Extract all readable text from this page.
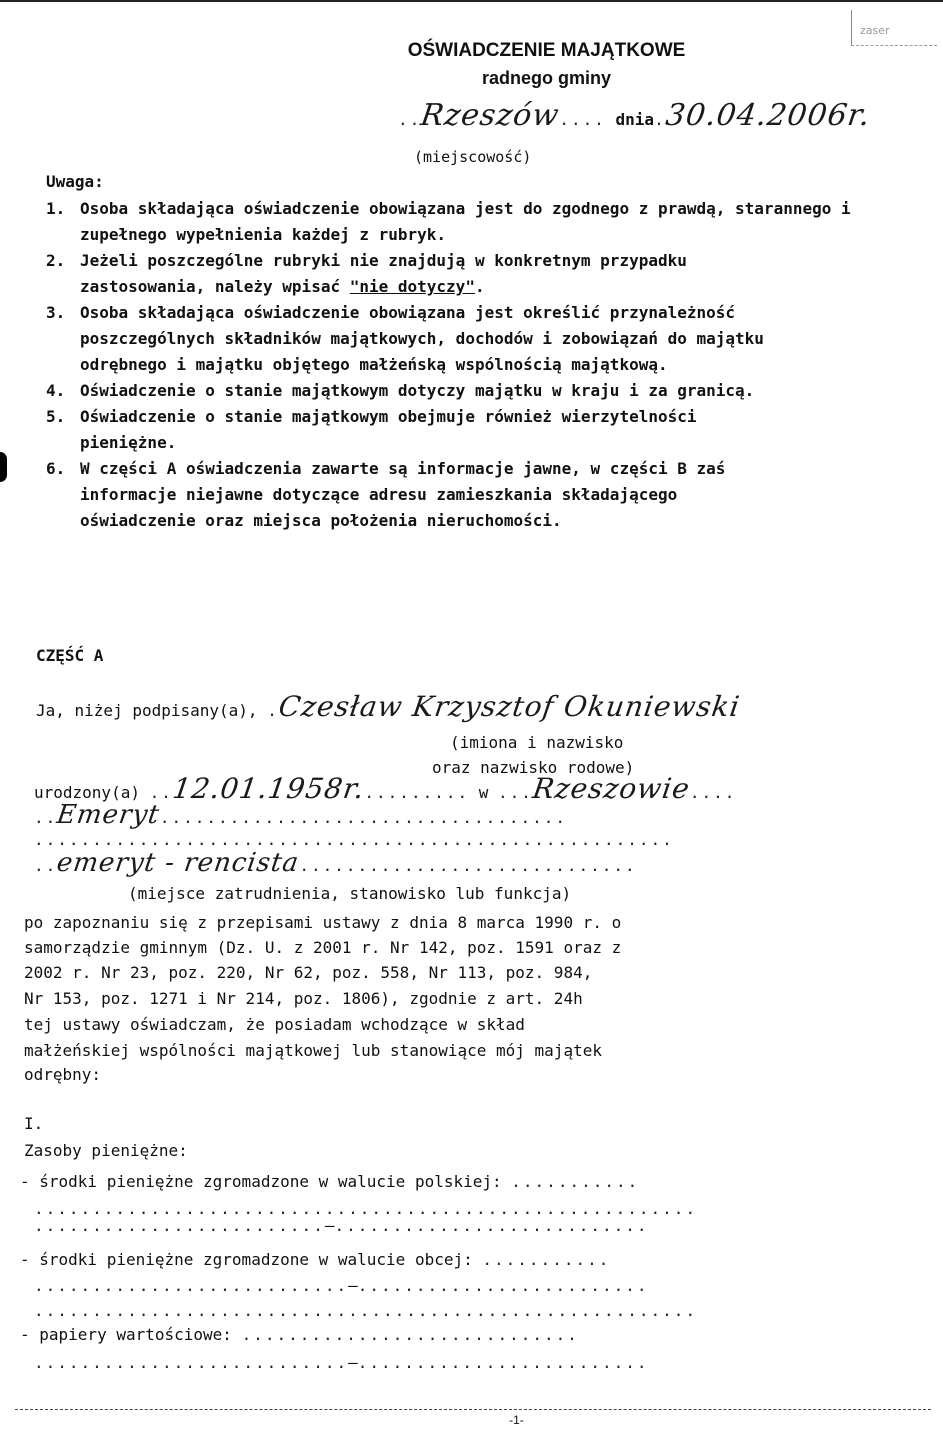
zaser
OŚWIADCZENIE MAJĄTKOWE
radnego gminy
..Rzeszów.... dnia.30.04.2006r.
(miejscowość)
Uwaga:
1. Osoba składająca oświadczenie obowiązana jest do zgodnego z prawdą, starannego i zupełnego wypełnienia każdej z rubryk.
2. Jeżeli poszczególne rubryki nie znajdują w konkretnym przypadku zastosowania, należy wpisać "nie dotyczy".
3. Osoba składająca oświadczenie obowiązana jest określić przynależność poszczególnych składników majątkowych, dochodów i zobowiązań do majątku odrębnego i majątku objętego małżeńską wspólnością majątkową.
4. Oświadczenie o stanie majątkowym dotyczy majątku w kraju i za granicą.
5. Oświadczenie o stanie majątkowym obejmuje również wierzytelności pieniężne.
6. W części A oświadczenia zawarte są informacje jawne, w części B zaś informacje niejawne dotyczące adresu zamieszkania składającego oświadczenie oraz miejsca położenia nieruchomości.
CZĘŚĆ A
Ja, niżej podpisany(a), .Czesław Krzysztof Okuniewski
(imiona i nazwisko
oraz nazwisko rodowe)
urodzony(a) ..12.01.1958r.......... w ...Rzeszowie....
..Emeryt...................................
.......................................................
..emeryt - rencista.............................
(miejsce zatrudnienia, stanowisko lub funkcja)
po zapoznaniu się z przepisami ustawy z dnia 8 marca 1990 r. o
samorządzie gminnym (Dz. U. z 2001 r. Nr 142, poz. 1591 oraz z
2002 r. Nr 23, poz. 220, Nr 62, poz. 558, Nr 113, poz. 984,
Nr 153, poz. 1271 i Nr 214, poz. 1806), zgodnie z art. 24h
tej ustawy oświadczam, że posiadam wchodzące w skład
małżeńskiej wspólności majątkowej lub stanowiące mój majątek
odrębny:
I.
Zasoby pieniężne:
- środki pieniężne zgromadzone w walucie polskiej: ...........
.........................................................
.........................—...........................
- środki pieniężne zgromadzone w walucie obcej: ...........
...........................—.........................
.........................................................
- papiery wartościowe: .............................
...........................—.........................
-1-
